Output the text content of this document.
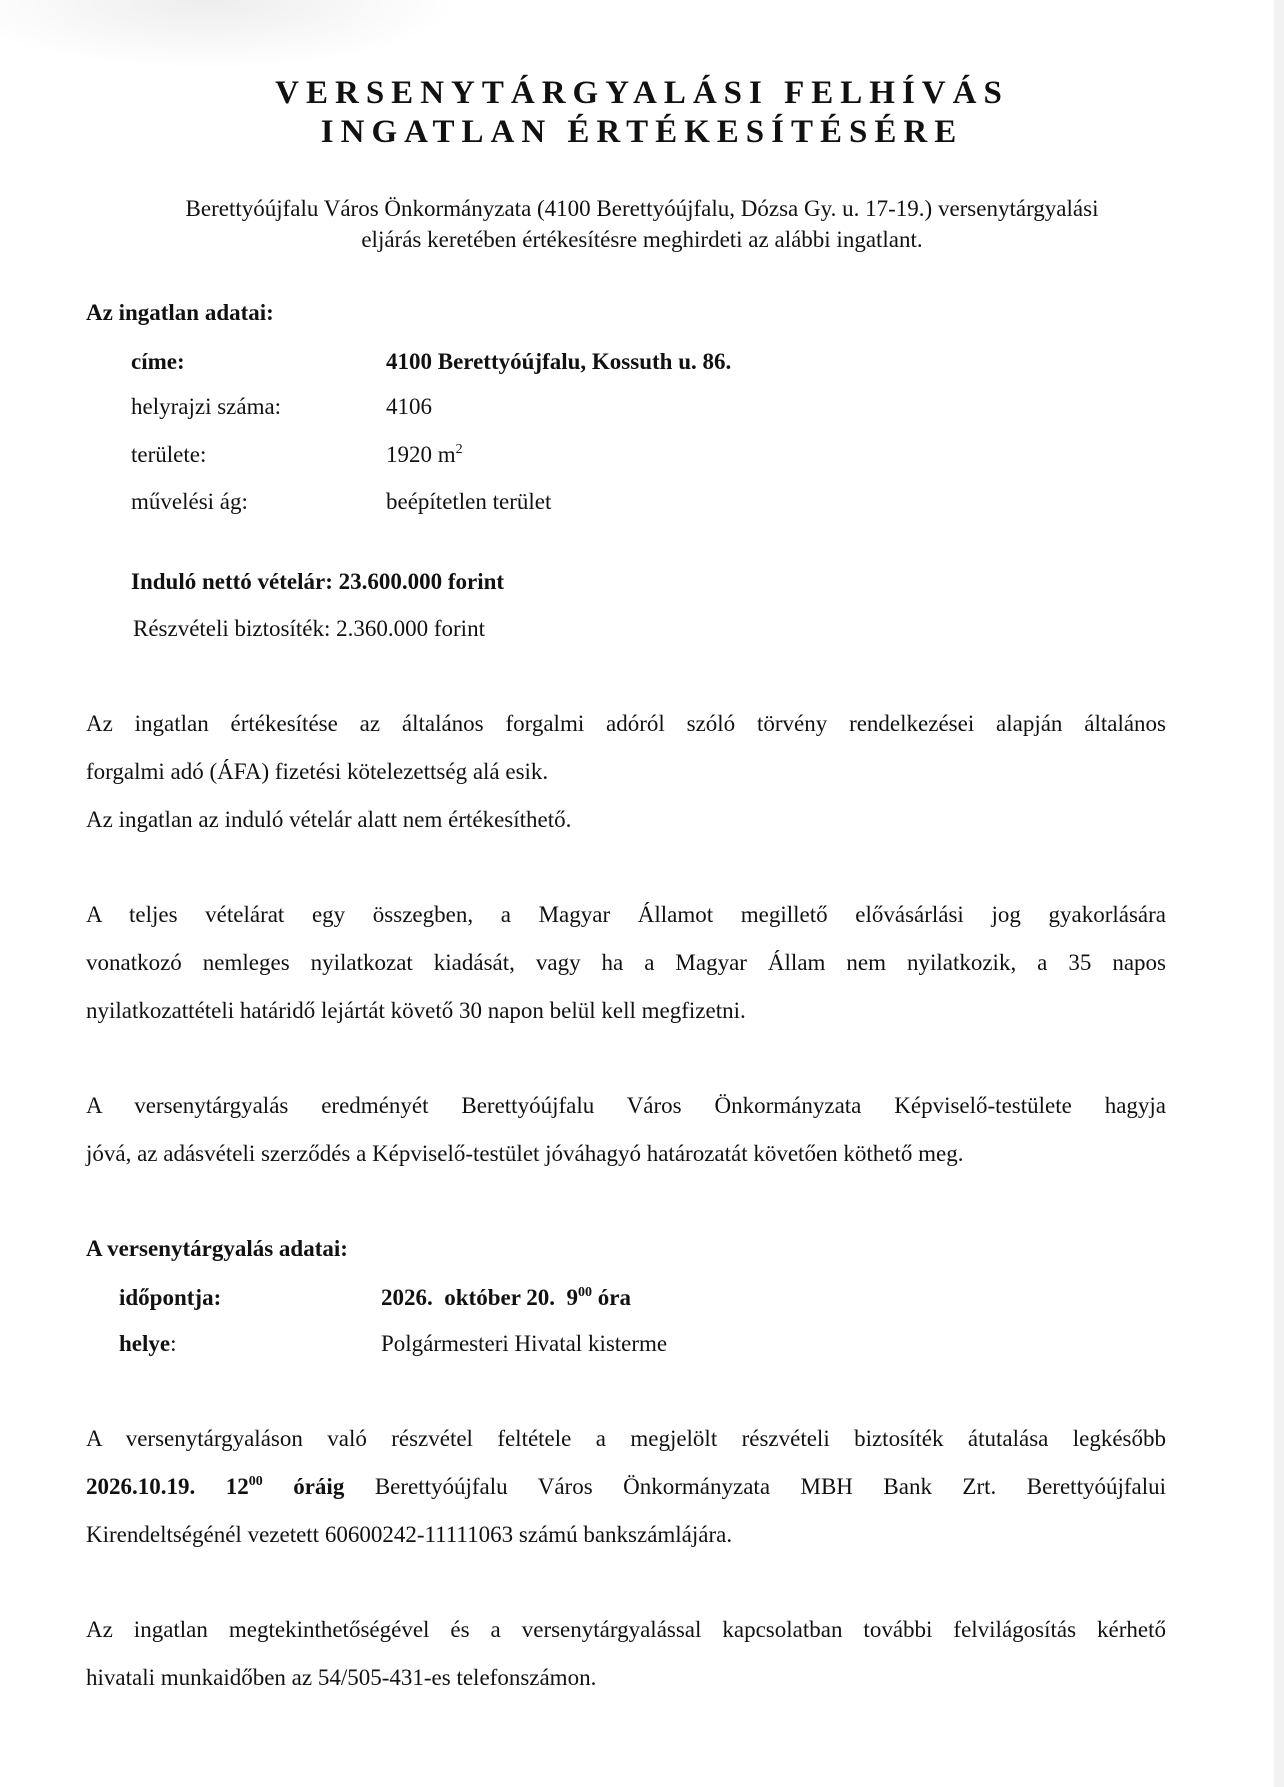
VERSENYTÁRGYALÁSI FELHÍVÁS
INGATLAN ÉRTÉKESÍTÉSÉRE
Berettyóújfalu Város Önkormányzata (4100 Berettyóújfalu, Dózsa Gy. u. 17-19.) versenytárgyalási
eljárás keretében értékesítésre meghirdeti az alábbi ingatlant.
Az ingatlan adatai:
címe:	4100 Berettyóújfalu, Kossuth u. 86.
helyrajzi száma:	4106
területe:	1920 $m^2$
művelési ág:	beépítetlen terület
Induló nettó vételár: 23.600.000 forint
Részvételi biztosíték: 2.360.000 forint
Az ingatlan értékesítése az általános forgalmi adóról szóló törvény rendelkezései alapján általános
forgalmi adó (ÁFA) fizetési kötelezettség alá esik.
Az ingatlan az induló vételár alatt nem értékesíthető.
A teljes vételárat egy összegben, a Magyar Államot megillető elővásárlási jog gyakorlására
vonatkozó nemleges nyilatkozat kiadását, vagy ha a Magyar Állam nem nyilatkozik, a 35 napos
nyilatkozattételi határidő lejártát követő 30 napon belül kell megfizetni.
A versenytárgyalás eredményét Berettyóújfalu Város Önkormányzata Képviselő-testülete hagyja
jóvá, az adásvételi szerződés a Képviselő-testület jóváhagyó határozatát követően köthető meg.
A versenytárgyalás adatai:
időpontja:	2026.  október 20.  $9^{00}$ óra
helye:	Polgármesteri Hivatal kisterme
A versenytárgyaláson való részvétel feltétele a megjelölt részvételi biztosíték átutalása legkésőbb
2026.10.19. $12^{00}$ óráig Berettyóújfalu Város Önkormányzata MBH Bank Zrt. Berettyóújfalui
Kirendeltségénél vezetett 60600242-11111063 számú bankszámlájára.
Az ingatlan megtekinthetőségével és a versenytárgyalással kapcsolatban további felvilágosítás kérhető
hivatali munkaidőben az 54/505-431-es telefonszámon.
